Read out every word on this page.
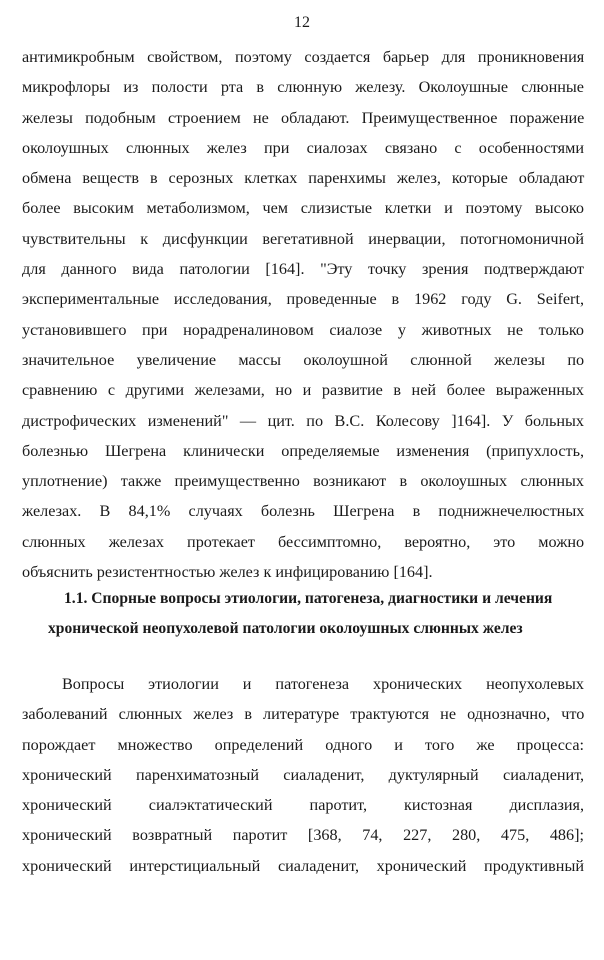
12
антимикробным свойством, поэтому создается барьер для проникновения
микрофлоры из полости рта в слюнную железу. Околоушные слюнные
железы подобным строением не обладают. Преимущественное поражение
околоушных слюнных желез при сиалозах связано с особенностями
обмена веществ в серозных клетках паренхимы желез, которые обладают
более высоким метаболизмом, чем слизистые клетки и поэтому высоко
чувствительны к дисфункции вегетативной инервации, потогномоничной
для данного вида патологии [164]. "Эту точку зрения подтверждают
экспериментальные исследования, проведенные в 1962 году G. Seifert,
установившего при норадреналиновом сиалозе у животных не только
значительное увеличение массы околоушной слюнной железы по
сравнению с другими железами, но и развитие в ней более выраженных
дистрофических изменений" — цит. по В.С. Колесову ]164]. У больных
болезнью Шегрена клинически определяемые изменения (припухлость,
уплотнение) также преимущественно возникают в околоушных слюнных
железах. В 84,1% случаях болезнь Шегрена в поднижнечелюстных
слюнных железах протекает бессимптомно, вероятно, это можно
объяснить резистентностью желез к инфицированию [164].
1.1. Спорные вопросы этиологии, патогенеза, диагностики и лечения
хронической неопухолевой патологии околоушных слюнных желез
Вопросы этиологии и патогенеза хронических неопухолевых
заболеваний слюнных желез в литературе трактуются не однозначно, что
порождает множество определений одного и того же процесса:
хронический паренхиматозный сиаладенит, дуктулярный сиаладенит,
хронический сиалэктатический паротит, кистозная дисплазия,
хронический возвратный паротит [368, 74, 227, 280, 475, 486];
хронический интерстициальный сиаладенит, хронический продуктивный
